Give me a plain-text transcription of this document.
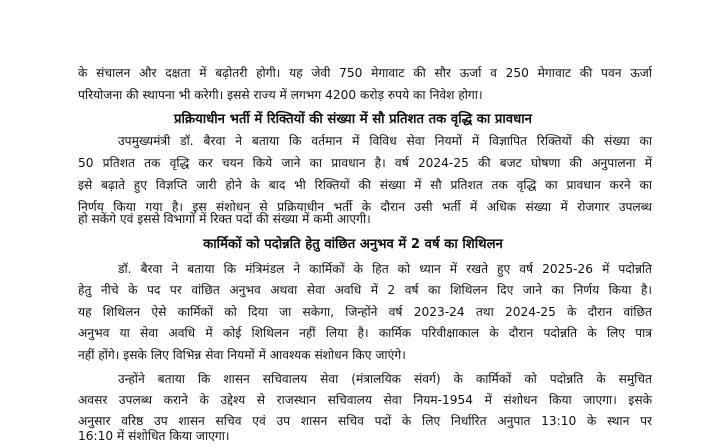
के संचालन और दक्षता में बढ़ोतरी होगी। यह जेवी 750 मेगावाट की सौर ऊर्जा व 250 मेगावाट की पवन ऊर्जा
परियोजना की स्थापना भी करेगी। इससे राज्य में लगभग 4200 करोड़ रुपये का निवेश होगा।
प्रक्रियाधीन भर्ती में रिक्तियों की संख्या में सौ प्रतिशत तक वृद्धि का प्रावधान
उपमुख्यमंत्री डॉ. बैरवा ने बताया कि वर्तमान में विविध सेवा नियमों में विज्ञापित रिक्तियों की संख्या का
50 प्रतिशत तक वृद्धि कर चयन किये जाने का प्रावधान है। वर्ष 2024-25 की बजट घोषणा की अनुपालना में
इसे बढ़ाते हुए विज्ञप्ति जारी होने के बाद भी रिक्तियों की संख्या में सौ प्रतिशत तक वृद्धि का प्रावधान करने का
निर्णय किया गया है। इस संशोधन से प्रक्रियाधीन भर्ती के दौरान उसी भर्ती में अधिक संख्या में रोजगार उपलब्ध
हो सकेंगे एवं इससे विभागों में रिक्त पदों की संख्या में कमी आएगी।
कार्मिकों को पदोन्नति हेतु वांछित अनुभव में 2 वर्ष का शिथिलन
डॉ. बैरवा ने बताया कि मंत्रिमंडल ने कार्मिकों के हित को ध्यान में रखते हुए वर्ष 2025-26 में पदोन्नति
हेतु नीचे के पद पर वांछित अनुभव अथवा सेवा अवधि में 2 वर्ष का शिथिलन दिए जाने का निर्णय किया है।
यह शिथिलन ऐसे कार्मिकों को दिया जा सकेगा, जिन्होंने वर्ष 2023-24 तथा 2024-25 के दौरान वांछित
अनुभव या सेवा अवधि में कोई शिथिलन नहीं लिया है। कार्मिक परिवीक्षाकाल के दौरान पदोन्नति के लिए पात्र
नहीं होंगे। इसके लिए विभिन्न सेवा नियमों में आवश्यक संशोधन किए जाएंगे।
उन्होंने बताया कि शासन सचिवालय सेवा (मंत्रालयिक संवर्ग) के कार्मिकों को पदोन्नति के समुचित
अवसर उपलब्ध कराने के उद्देश्य से राजस्थान सचिवालय सेवा नियम-1954 में संशोधन किया जाएगा। इसके
अनुसार वरिष्ठ उप शासन सचिव एवं उप शासन सचिव पदों के लिए निर्धारित अनुपात 13:10 के स्थान पर
16:10 में संशोधित किया जाएगा।
